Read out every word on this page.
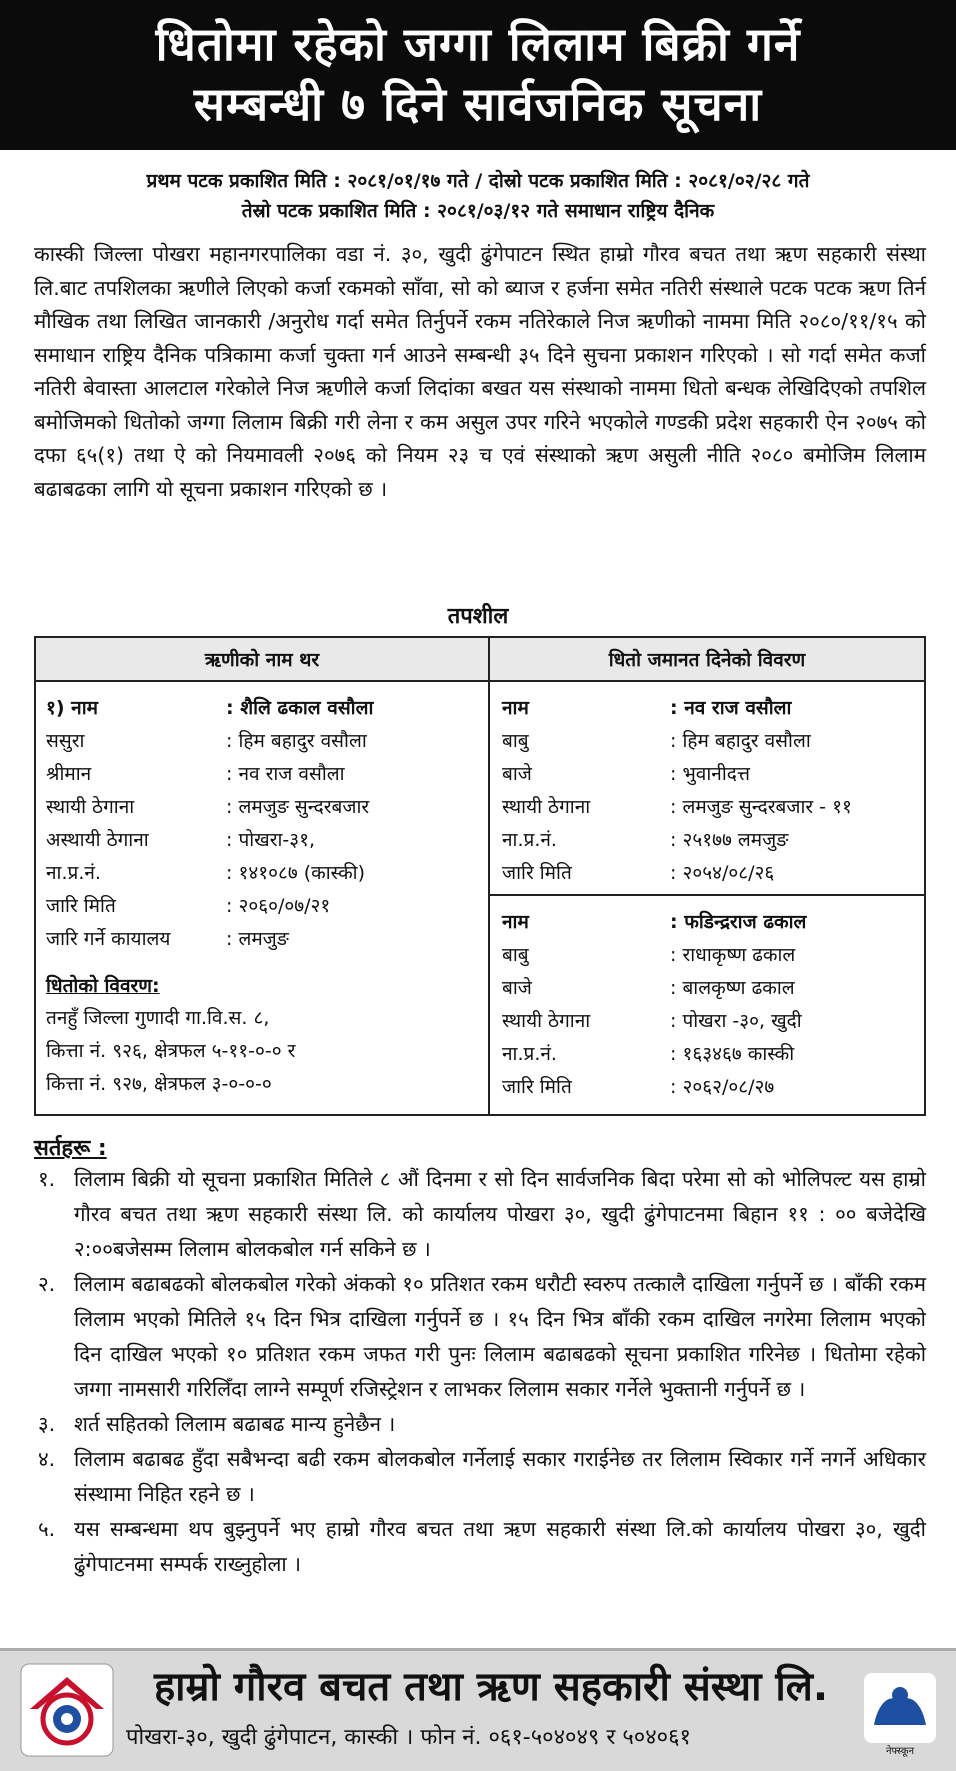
धितोमा रहेको जग्गा लिलाम बिक्री गर्ने
सम्बन्धी ७ दिने सार्वजनिक सूचना
प्रथम पटक प्रकाशित मिति : २०८१/०१/१७ गते / दोस्रो पटक प्रकाशित मिति : २०८१/०२/२८ गते
तेस्रो पटक प्रकाशित मिति : २०८१/०३/१२ गते समाधान राष्ट्रिय दैनिक
कास्की जिल्ला पोखरा महानगरपालिका वडा नं. ३०, खुदी ढुंगेपाटन स्थित हाम्रो गौरव बचत तथा ऋण सहकारी संस्था लि.बाट तपशिलका ऋणीले लिएको कर्जा रकमको साँवा, सो को ब्याज र हर्जना समेत नतिरी संस्थाले पटक पटक ऋण तिर्न मौखिक तथा लिखित जानकारी /अनुरोध गर्दा समेत तिर्नुपर्ने रकम नतिरेकाले निज ऋणीको नाममा मिति २०८०/११/१५ को समाधान राष्ट्रिय दैनिक पत्रिकामा कर्जा चुक्ता गर्न आउने सम्बन्धी ३५ दिने सुचना प्रकाशन गरिएको । सो गर्दा समेत कर्जा नतिरी बेवास्ता आलटाल गरेकोले निज ऋणीले कर्जा लिदांका बखत यस संस्थाको नाममा धितो बन्धक लेखिदिएको तपशिल बमोजिमको धितोको जग्गा लिलाम बिक्री गरी लेना र कम असुल उपर गरिने भएकोले गण्डकी प्रदेश सहकारी ऐन २०७५ को दफा ६५(१) तथा ऐ को नियमावली २०७६ को नियम २३ च एवं संस्थाको ऋण असुली नीति २०८० बमोजिम लिलाम बढाबढका लागि यो सूचना प्रकाशन गरिएको छ ।
तपशील
ऋणीको नाम थर
१) नाम	: शैलि ढकाल वसौला
ससुरा	: हिम बहादुर वसौला
श्रीमान	: नव राज वसौला
स्थायी ठेगाना	: लमजुङ सुन्दरबजार
अस्थायी ठेगाना	: पोखरा-३१,
ना.प्र.नं.	: १४१०८७ (कास्की)
जारि मिति	: २०६०/०७/२१
जारि गर्ने कायालय	: लमजुङ
धितोको विवरण:
तनहुँ जिल्ला गुणादी गा.वि.स. ८,
कित्ता नं. ९२६, क्षेत्रफल ५-११-०-० र
कित्ता नं. ९२७, क्षेत्रफल ३-०-०-०
धितो जमानत दिनेको विवरण
नाम	: नव राज वसौला
बाबु	: हिम बहादुर वसौला
बाजे	: भुवानीदत्त
स्थायी ठेगाना	: लमजुङ सुन्दरबजार - ११
ना.प्र.नं.	: २५१७७ लमजुङ
जारि मिति	: २०५४/०८/२६
नाम	: फडिन्द्रराज ढकाल
बाबु	: राधाकृष्ण ढकाल
बाजे	: बालकृष्ण ढकाल
स्थायी ठेगाना	: पोखरा -३०, खुदी
ना.प्र.नं.	: १६३४६७ कास्की
जारि मिति	: २०६२/०८/२७
सर्तहरू :
१. लिलाम बिक्री यो सूचना प्रकाशित मितिले ८ औं दिनमा र सो दिन सार्वजनिक बिदा परेमा सो को भोलिपल्ट यस हाम्रो गौरव बचत तथा ऋण सहकारी संस्था लि. को कार्यालय पोखरा ३०, खुदी ढुंगेपाटनमा बिहान ११ : ०० बजेदेखि २:००बजेसम्म लिलाम बोलकबोल गर्न सकिने छ ।
२. लिलाम बढाबढको बोलकबोल गरेको अंकको १० प्रतिशत रकम धरौटी स्वरुप तत्कालै दाखिला गर्नुपर्ने छ । बाँकी रकम लिलाम भएको मितिले १५ दिन भित्र दाखिला गर्नुपर्ने छ । १५ दिन भित्र बाँकी रकम दाखिल नगरेमा लिलाम भएको दिन दाखिल भएको १० प्रतिशत रकम जफत गरी पुनः लिलाम बढाबढको सूचना प्रकाशित गरिनेछ । धितोमा रहेको जग्गा नामसारी गरिलिँदा लाग्ने सम्पूर्ण रजिस्ट्रेशन र लाभकर लिलाम सकार गर्नेले भुक्तानी गर्नुपर्ने छ ।
३. शर्त सहितको लिलाम बढाबढ मान्य हुनेछैन ।
४. लिलाम बढाबढ हुँदा सबैभन्दा बढी रकम बोलकबोल गर्नेलाई सकार गराईनेछ तर लिलाम स्विकार गर्ने नगर्ने अधिकार संस्थामा निहित रहने छ ।
५. यस सम्बन्धमा थप बुझ्नुपर्ने भए हाम्रो गौरव बचत तथा ऋण सहकारी संस्था लि.को कार्यालय पोखरा ३०, खुदी ढुंगेपाटनमा सम्पर्क राख्नुहोला ।
हाम्रो गौरव बचत तथा ऋण सहकारी संस्था लि.
पोखरा-३०, खुदी ढुंगेपाटन, कास्की । फोन नं. ०६१-५०४०४९ र ५०४०६१
नेफ्स्कून
